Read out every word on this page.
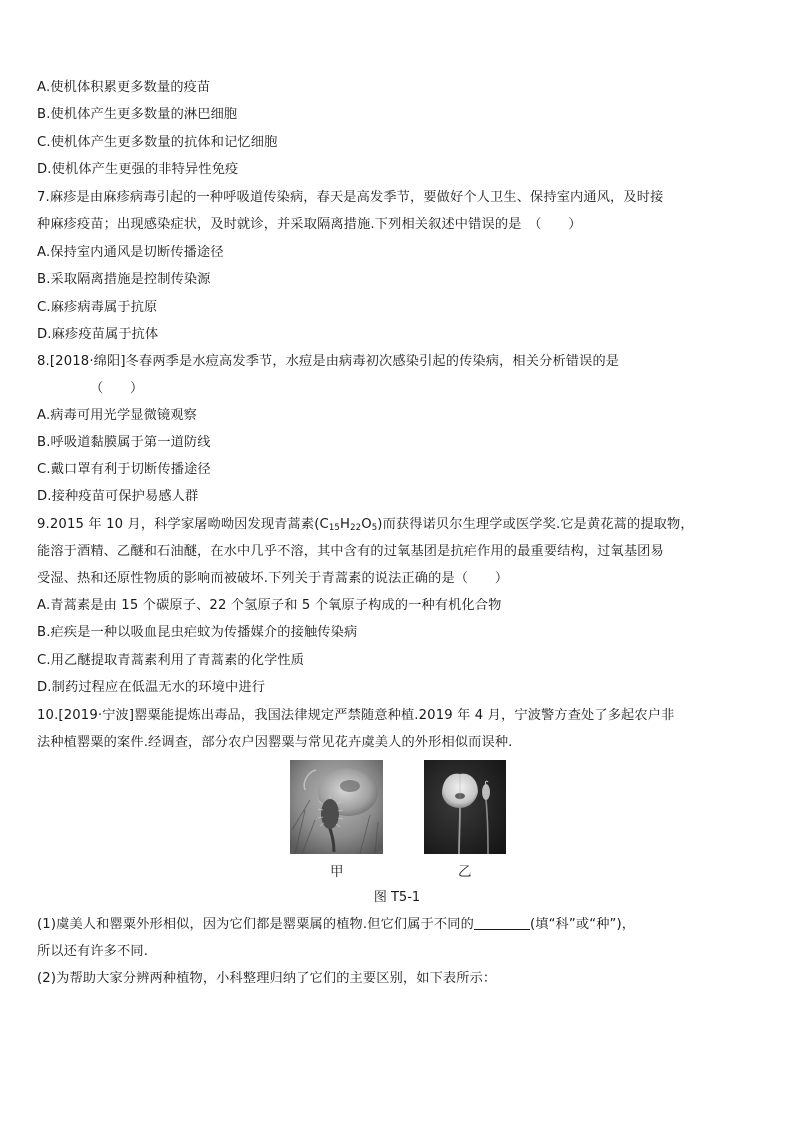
A.使机体积累更多数量的疫苗
B.使机体产生更多数量的淋巴细胞
C.使机体产生更多数量的抗体和记忆细胞
D.使机体产生更强的非特异性免疫
7.麻疹是由麻疹病毒引起的一种呼吸道传染病，春天是高发季节，要做好个人卫生、保持室内通风，及时接
种麻疹疫苗；出现感染症状，及时就诊，并采取隔离措施.下列相关叙述中错误的是　（　　）
A.保持室内通风是切断传播途径
B.采取隔离措施是控制传染源
C.麻疹病毒属于抗原
D.麻疹疫苗属于抗体
8.[2018·绵阳]冬春两季是水痘高发季节，水痘是由病毒初次感染引起的传染病，相关分析错误的是
（　　）
A.病毒可用光学显微镜观察
B.呼吸道黏膜属于第一道防线
C.戴口罩有利于切断传播途径
D.接种疫苗可保护易感人群
9.2015 年 10 月，科学家屠呦呦因发现青蒿素$(C_{15}H_{22}O_5)$而获得诺贝尔生理学或医学奖.它是黄花蒿的提取物，
能溶于酒精、乙醚和石油醚，在水中几乎不溶，其中含有的过氧基团是抗疟作用的最重要结构，过氧基团易
受湿、热和还原性物质的影响而被破坏.下列关于青蒿素的说法正确的是（　　）
A.青蒿素是由 15 个碳原子、22 个氢原子和 5 个氧原子构成的一种有机化合物
B.疟疾是一种以吸血昆虫疟蚊为传播媒介的接触传染病
C.用乙醚提取青蒿素利用了青蒿素的化学性质
D.制药过程应在低温无水的环境中进行
10.[2019·宁波]罂粟能提炼出毒品，我国法律规定严禁随意种植.2019 年 4 月，宁波警方查处了多起农户非
法种植罂粟的案件.经调查，部分农户因罂粟与常见花卉虞美人的外形相似而误种.
甲	乙
图 T5-1
(1)虞美人和罂粟外形相似，因为它们都是罂粟属的植物.但它们属于不同的	(填“科”或“种”)，
所以还有许多不同.
(2)为帮助大家分辨两种植物，小科整理归纳了它们的主要区别，如下表所示：
